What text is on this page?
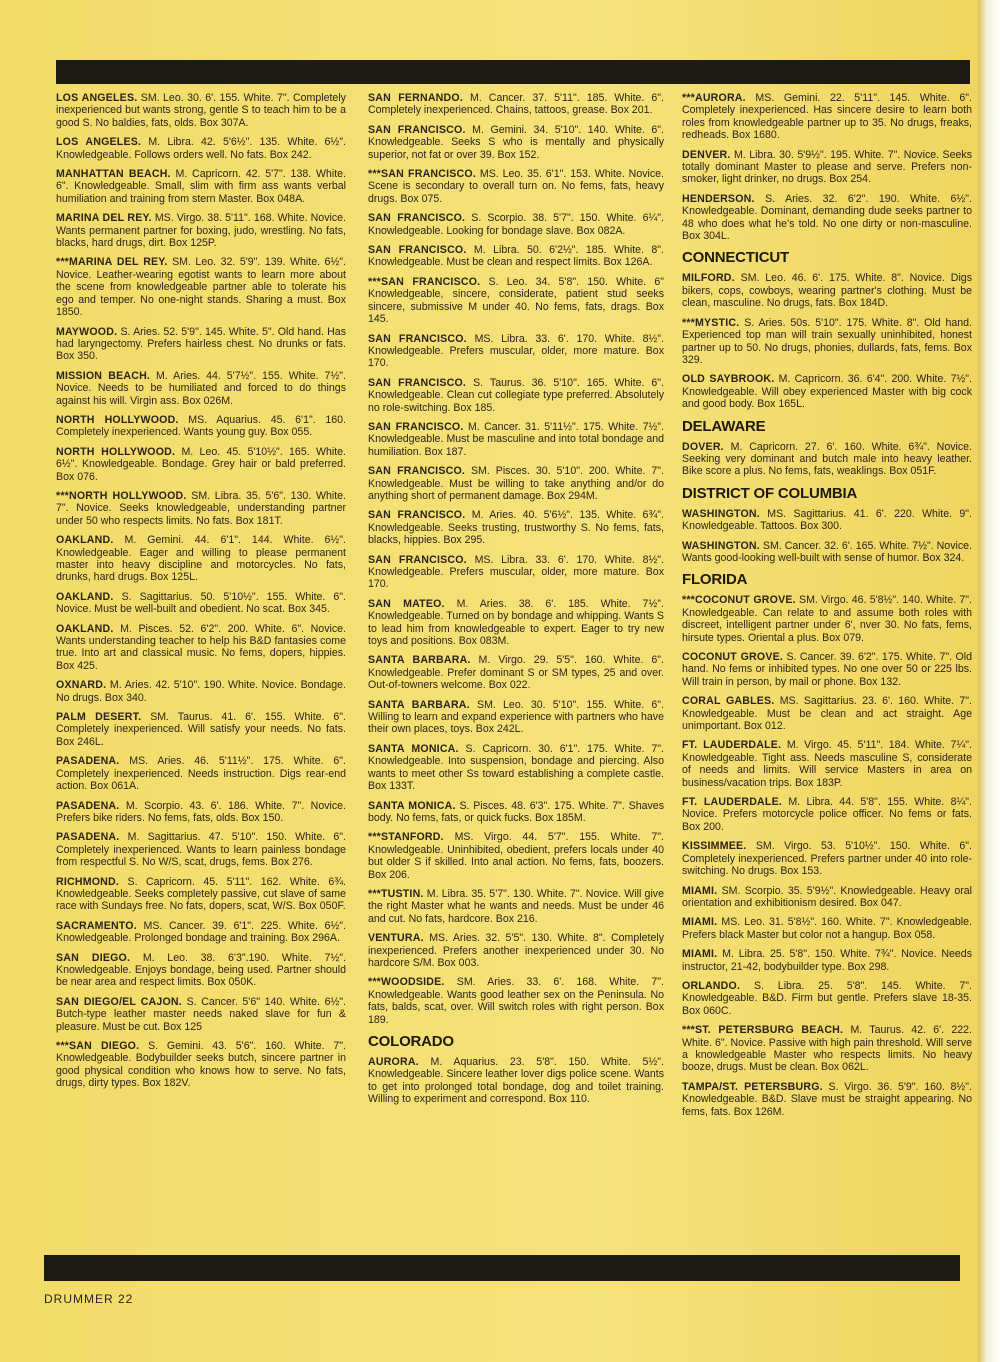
LOS ANGELES. SM. Leo. 30. 6'. 155. White. 7". Completely inexperienced but wants strong, gentle S to teach him to be a good S. No baldies, fats, olds. Box 307A.
LOS ANGELES. M. Libra. 42. 5'6½". 135. White. 6½". Knowledgeable. Follows orders well. No fats. Box 242.
MANHATTAN BEACH. M. Capricorn. 42. 5'7". 138. White. 6". Knowledgeable. Small, slim with firm ass wants verbal humiliation and training from stern Master. Box 048A.
MARINA DEL REY. MS. Virgo. 38. 5'11". 168. White. Novice. Wants permanent partner for boxing, judo, wrestling. No fats, blacks, hard drugs, dirt. Box 125P.
***MARINA DEL REY. SM. Leo. 32. 5'9". 139. White. 6½". Novice. Leather-wearing egotist wants to learn more about the scene from knowledgeable partner able to tolerate his ego and temper. No one-night stands. Sharing a must. Box 1850.
MAYWOOD. S. Aries. 52. 5'9". 145. White. 5". Old hand. Has had laryngectomy. Prefers hairless chest. No drunks or fats. Box 350.
MISSION BEACH. M. Aries. 44. 5'7½". 155. White. 7½". Novice. Needs to be humiliated and forced to do things against his will. Virgin ass. Box 026M.
NORTH HOLLYWOOD. MS. Aquarius. 45. 6'1". 160. Completely inexperienced. Wants young guy. Box 055.
NORTH HOLLYWOOD. M. Leo. 45. 5'10½". 165. White. 6½". Knowledgeable. Bondage. Grey hair or bald preferred. Box 076.
***NORTH HOLLYWOOD. SM. Libra. 35. 5'6". 130. White. 7". Novice. Seeks knowledgeable, understanding partner under 50 who respects limits. No fats. Box 181T.
OAKLAND. M. Gemini. 44. 6'1". 144. White. 6½". Knowledgeable. Eager and willing to please permanent master into heavy discipline and motorcycles. No fats, drunks, hard drugs. Box 125L.
OAKLAND. S. Sagittarius. 50. 5'10½". 155. White. 6". Novice. Must be well-built and obedient. No scat. Box 345.
OAKLAND. M. Pisces. 52. 6'2". 200. White. 6". Novice. Wants understanding teacher to help his B&D fantasies come true. Into art and classical music. No fems, dopers, hippies. Box 425.
OXNARD. M. Aries. 42. 5'10". 190. White. Novice. Bondage. No drugs. Box 340.
PALM DESERT. SM. Taurus. 41. 6'. 155. White. 6". Completely inexperienced. Will satisfy your needs. No fats. Box 246L.
PASADENA. MS. Aries. 46. 5'11½". 175. White. 6". Completely inexperienced. Needs instruction. Digs rear-end action. Box 061A.
PASADENA. M. Scorpio. 43. 6'. 186. White. 7". Novice. Prefers bike riders. No fems, fats, olds. Box 150.
PASADENA. M. Sagittarius. 47. 5'10". 150. White. 6". Completely inexperienced. Wants to learn painless bondage from respectful S. No W/S, scat, drugs, fems. Box 276.
RICHMOND. S. Capricorn. 45. 5'11". 162. White. 6¾. Knowledgeable. Seeks completely passive, cut slave of same race with Sundays free. No fats, dopers, scat, W/S. Box 050F.
SACRAMENTO. MS. Cancer. 39. 6'1". 225. White. 6½". Knowledgeable. Prolonged bondage and training. Box 296A.
SAN DIEGO. M. Leo. 38. 6'3".190. White. 7½". Knowledgeable. Enjoys bondage, being used. Partner should be near area and respect limits. Box 050K.
SAN DIEGO/EL CAJON. S. Cancer. 5'6" 140. White. 6½". Butch-type leather master needs naked slave for fun & pleasure. Must be cut. Box 125
***SAN DIEGO. S. Gemini. 43. 5'6". 160. White. 7". Knowledgeable. Bodybuilder seeks butch, sincere partner in good physical condition who knows how to serve. No fats, drugs, dirty types. Box 182V.
SAN FERNANDO. M. Cancer. 37. 5'11". 185. White. 6". Completely inexperienced. Chains, tattoos, grease. Box 201.
SAN FRANCISCO. M. Gemini. 34. 5'10". 140. White. 6". Knowledgeable. Seeks S who is mentally and physically superior, not fat or over 39. Box 152.
***SAN FRANCISCO. MS. Leo. 35. 6'1". 153. White. Novice. Scene is secondary to overall turn on. No fems, fats, heavy drugs. Box 075.
SAN FRANCISCO. S. Scorpio. 38. 5'7". 150. White. 6¼". Knowledgeable. Looking for bondage slave. Box 082A.
SAN FRANCISCO. M. Libra. 50. 6'2½". 185. White. 8". Knowledgeable. Must be clean and respect limits. Box 126A.
***SAN FRANCISCO. S. Leo. 34. 5'8". 150. White. 6" Knowledgeable, sincere, considerate, patient stud seeks sincere, submissive M under 40. No fems, fats, drags. Box 145.
SAN FRANCISCO. MS. Libra. 33. 6'. 170. White. 8½". Knowledgeable. Prefers muscular, older, more mature. Box 170.
SAN FRANCISCO. S. Taurus. 36. 5'10". 165. White. 6". Knowledgeable. Clean cut collegiate type preferred. Absolutely no role-switching. Box 185.
SAN FRANCISCO. M. Cancer. 31. 5'11½". 175. White. 7½". Knowledgeable. Must be masculine and into total bondage and humiliation. Box 187.
SAN FRANCISCO. SM. Pisces. 30. 5'10". 200. White. 7". Knowledgeable. Must be willing to take anything and/or do anything short of permanent damage. Box 294M.
SAN FRANCISCO. M. Aries. 40. 5'6½". 135. White. 6¾". Knowledgeable. Seeks trusting, trustworthy S. No fems, fats, blacks, hippies. Box 295.
SAN FRANCISCO. MS. Libra. 33. 6'. 170. White. 8½". Knowledgeable. Prefers muscular, older, more mature. Box 170.
SAN MATEO. M. Aries. 38. 6'. 185. White. 7½". Knowledgeable. Turned on by bondage and whipping. Wants S to lead him from knowledgeable to expert. Eager to try new toys and positions. Box 083M.
SANTA BARBARA. M. Virgo. 29. 5'5". 160. White. 6". Knowledgeable. Prefer dominant S or SM types, 25 and over. Out-of-towners welcome. Box 022.
SANTA BARBARA. SM. Leo. 30. 5'10". 155. White. 6". Willing to learn and expand experience with partners who have their own places, toys. Box 242L.
SANTA MONICA. S. Capricorn. 30. 6'1". 175. White. 7". Knowledgeable. Into suspension, bondage and piercing. Also wants to meet other Ss toward establishing a complete castle. Box 133T.
SANTA MONICA. S. Pisces. 48. 6'3". 175. White. 7". Shaves body. No fems, fats, or quick fucks. Box 185M.
***STANFORD. MS. Virgo. 44. 5'7". 155. White. 7". Knowledgeable. Uninhibited, obedient, prefers locals under 40 but older S if skilled. Into anal action. No fems, fats, boozers. Box 206.
***TUSTIN. M. Libra. 35. 5'7". 130. White. 7". Novice. Will give the right Master what he wants and needs. Must be under 46 and cut. No fats, hardcore. Box 216.
VENTURA. MS. Aries. 32. 5'5". 130. White. 8". Completely inexperienced. Prefers another inexperienced under 30. No hardcore S/M. Box 003.
***WOODSIDE. SM. Aries. 33. 6'. 168. White. 7". Knowledgeable. Wants good leather sex on the Peninsula. No fats, balds, scat, over. Will switch roles with right person. Box 189.
COLORADO
AURORA. M. Aquarius. 23. 5'8". 150. White. 5½". Knowledgeable. Sincere leather lover digs police scene. Wants to get into prolonged total bondage, dog and toilet training. Willing to experiment and correspond. Box 110.
***AURORA. MS. Gemini. 22. 5'11". 145. White. 6". Completely inexperienced. Has sincere desire to learn both roles from knowledgeable partner up to 35. No drugs, freaks, redheads. Box 1680.
DENVER. M. Libra. 30. 5'9½". 195. White. 7". Novice. Seeks totally dominant Master to please and serve. Prefers non-smoker, light drinker, no drugs. Box 254.
HENDERSON. S. Aries. 32. 6'2". 190. White. 6½". Knowledgeable. Dominant, demanding dude seeks partner to 48 who does what he's told. No one dirty or non-masculine. Box 304L.
CONNECTICUT
MILFORD. SM. Leo. 46. 6'. 175. White. 8". Novice. Digs bikers, cops, cowboys, wearing partner's clothing. Must be clean, masculine. No drugs, fats. Box 184D.
***MYSTIC. S. Aries. 50s. 5'10". 175. White. 8". Old hand. Experienced top man will train sexually uninhibited, honest partner up to 50. No drugs, phonies, dullards, fats, fems. Box 329.
OLD SAYBROOK. M. Capricorn. 36. 6'4". 200. White. 7½". Knowledgeable. Will obey experienced Master with big cock and good body. Box 165L.
DELAWARE
DOVER. M. Capricorn. 27. 6'. 160. White. 6¾". Novice. Seeking very dominant and butch male into heavy leather. Bike score a plus. No fems, fats, weaklings. Box 051F.
DISTRICT OF COLUMBIA
WASHINGTON. MS. Sagittarius. 41. 6'. 220. White. 9". Knowledgeable. Tattoos. Box 300.
WASHINGTON. SM. Cancer. 32. 6'. 165. White. 7½". Novice. Wants good-looking well-built with sense of humor. Box 324.
FLORIDA
***COCONUT GROVE. SM. Virgo. 46. 5'8½". 140. White. 7". Knowledgeable. Can relate to and assume both roles with discreet, intelligent partner under 6', nver 30. No fats, fems, hirsute types. Oriental a plus. Box 079.
COCONUT GROVE. S. Cancer. 39. 6'2". 175. White. 7". Old hand. No fems or inhibited types. No one over 50 or 225 lbs. Will train in person, by mail or phone. Box 132.
CORAL GABLES. MS. Sagittarius. 23. 6'. 160. White. 7". Knowledgeable. Must be clean and act straight. Age unimportant. Box 012.
FT. LAUDERDALE. M. Virgo. 45. 5'11". 184. White. 7¼". Knowledgeable. Tight ass. Needs masculine S, considerate of needs and limits. Will service Masters in area on business/vacation trips. Box 183P.
FT. LAUDERDALE. M. Libra. 44. 5'8". 155. White. 8¼". Novice. Prefers motorcycle police officer. No fems or fats. Box 200.
KISSIMMEE. SM. Virgo. 53. 5'10½". 150. White. 6". Completely inexperienced. Prefers partner under 40 into role-switching. No drugs. Box 153.
MIAMI. SM. Scorpio. 35. 5'9½". Knowledgeable. Heavy oral orientation and exhibitionism desired. Box 047.
MIAMI. MS. Leo. 31. 5'8½". 160. White. 7". Knowledgeable. Prefers black Master but color not a hangup. Box 058.
MIAMI. M. Libra. 25. 5'8". 150. White. 7¾". Novice. Needs instructor, 21-42, bodybuilder type. Box 298.
ORLANDO. S. Libra. 25. 5'8". 145. White. 7". Knowledgeable. B&D. Firm but gentle. Prefers slave 18-35. Box 060C.
***ST. PETERSBURG BEACH. M. Taurus. 42. 6'. 222. White. 6". Novice. Passive with high pain threshold. Will serve a knowledgeable Master who respects limits. No heavy booze, drugs. Must be clean. Box 062L.
TAMPA/ST. PETERSBURG. S. Virgo. 36. 5'9". 160. 8½". Knowledgeable. B&D. Slave must be straight appearing. No fems, fats. Box 126M.
DRUMMER 22
